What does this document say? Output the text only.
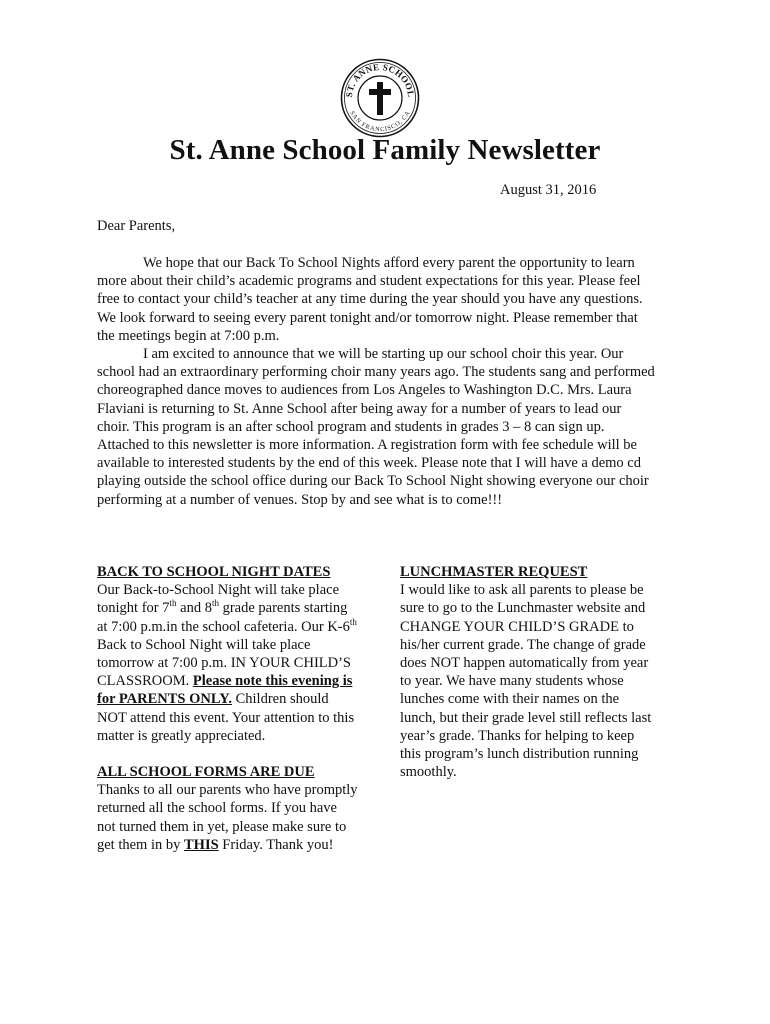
ST. ANNE SCHOOL
SAN FRANCISCO, CA
St. Anne School Family Newsletter
August 31, 2016
Dear Parents,

We hope that our Back To School Nights afford every parent the opportunity to learn more about their child’s academic programs and student expectations for this year. Please feel free to contact your child’s teacher at any time during the year should you have any questions. We look forward to seeing every parent tonight and/or tomorrow night. Please remember that the meetings begin at 7:00 p.m.

I am excited to announce that we will be starting up our school choir this year. Our school had an extraordinary performing choir many years ago. The students sang and performed choreographed dance moves to audiences from Los Angeles to Washington D.C. Mrs. Laura Flaviani is returning to St. Anne School after being away for a number of years to lead our choir. This program is an after school program and students in grades 3 – 8 can sign up. Attached to this newsletter is more information. A registration form with fee schedule will be available to interested students by the end of this week. Please note that I will have a demo cd playing outside the school office during our Back To School Night showing everyone our choir performing at a number of venues. Stop by and see what is to come!!!

BACK TO SCHOOL NIGHT DATES

Our Back-to-School Night will take place tonight for 7th and 8th grade parents starting at 7:00 p.m.in the school cafeteria. Our K-6th Back to School Night will take place tomorrow at 7:00 p.m. IN YOUR CHILD’S CLASSROOM. Please note this evening is for PARENTS ONLY. Children should NOT attend this event. Your attention to this matter is greatly appreciated.

ALL SCHOOL FORMS ARE DUE

Thanks to all our parents who have promptly returned all the school forms. If you have not turned them in yet, please make sure to get them in by THIS Friday. Thank you!

LUNCHMASTER REQUEST

I would like to ask all parents to please be sure to go to the Lunchmaster website and CHANGE YOUR CHILD’S GRADE to his/her current grade. The change of grade does NOT happen automatically from year to year. We have many students whose lunches come with their names on the lunch, but their grade level still reflects last year’s grade. Thanks for helping to keep this program’s lunch distribution running smoothly.
